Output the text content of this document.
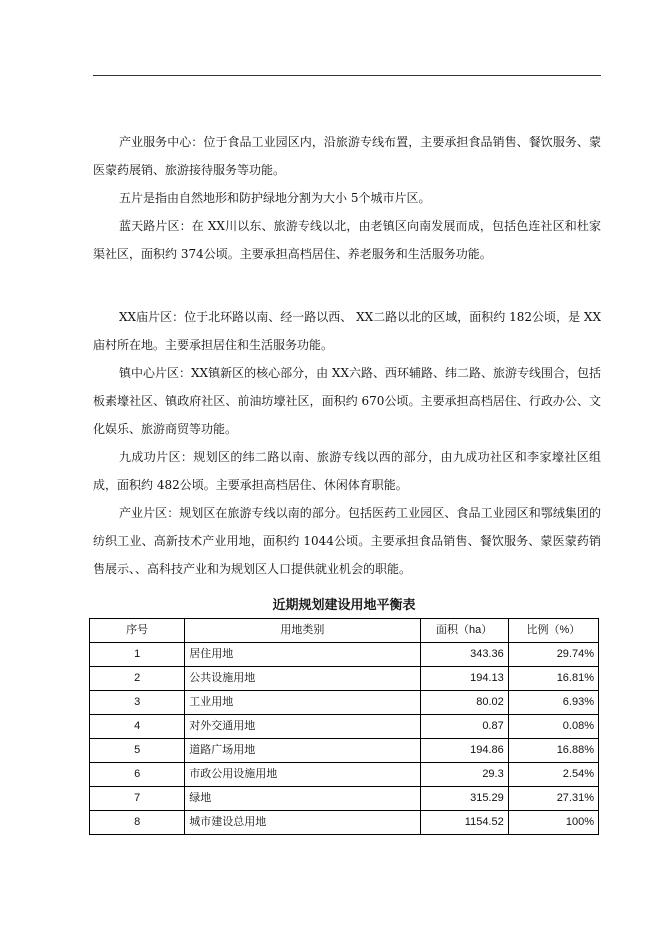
产业服务中心：位于食品工业园区内，沿旅游专线布置，主要承担食品销售、餐饮服务、蒙医蒙药展销、旅游接待服务等功能。

五片是指由自然地形和防护绿地分割为大小 5个城市片区。

蓝天路片区：在 XX川以东、旅游专线以北，由老镇区向南发展而成，包括色连社区和杜家渠社区，面积约 374公顷。主要承担高档居住、养老服务和生活服务功能。

XX庙片区：位于北环路以南、经一路以西、 XX二路以北的区域，面积约 182公顷，是 XX庙村所在地。主要承担居住和生活服务功能。

镇中心片区：XX镇新区的核心部分，由 XX六路、西环辅路、纬二路、旅游专线围合，包括板素壕社区、镇政府社区、前油坊壕社区，面积约 670公顷。主要承担高档居住、行政办公、文化娱乐、旅游商贸等功能。

九成功片区：规划区的纬二路以南、旅游专线以西的部分，由九成功社区和李家壕社区组成，面积约 482公顷。主要承担高档居住、休闲体育职能。

产业片区：规划区在旅游专线以南的部分。包括医药工业园区、食品工业园区和鄂绒集团的纺织工业、高新技术产业用地，面积约 1044公顷。主要承担食品销售、餐饮服务、蒙医蒙药销售展示、、高科技产业和为规划区人口提供就业机会的职能。

近期规划建设用地平衡表
序号	用地类别	面积（ha）	比例（%）
1	居住用地	343.36	29.74%
2	公共设施用地	194.13	16.81%
3	工业用地	80.02	6.93%
4	对外交通用地	0.87	0.08%
5	道路广场用地	194.86	16.88%
6	市政公用设施用地	29.3	2.54%
7	绿地	315.29	27.31%
8	城市建设总用地	1154.52	100%
